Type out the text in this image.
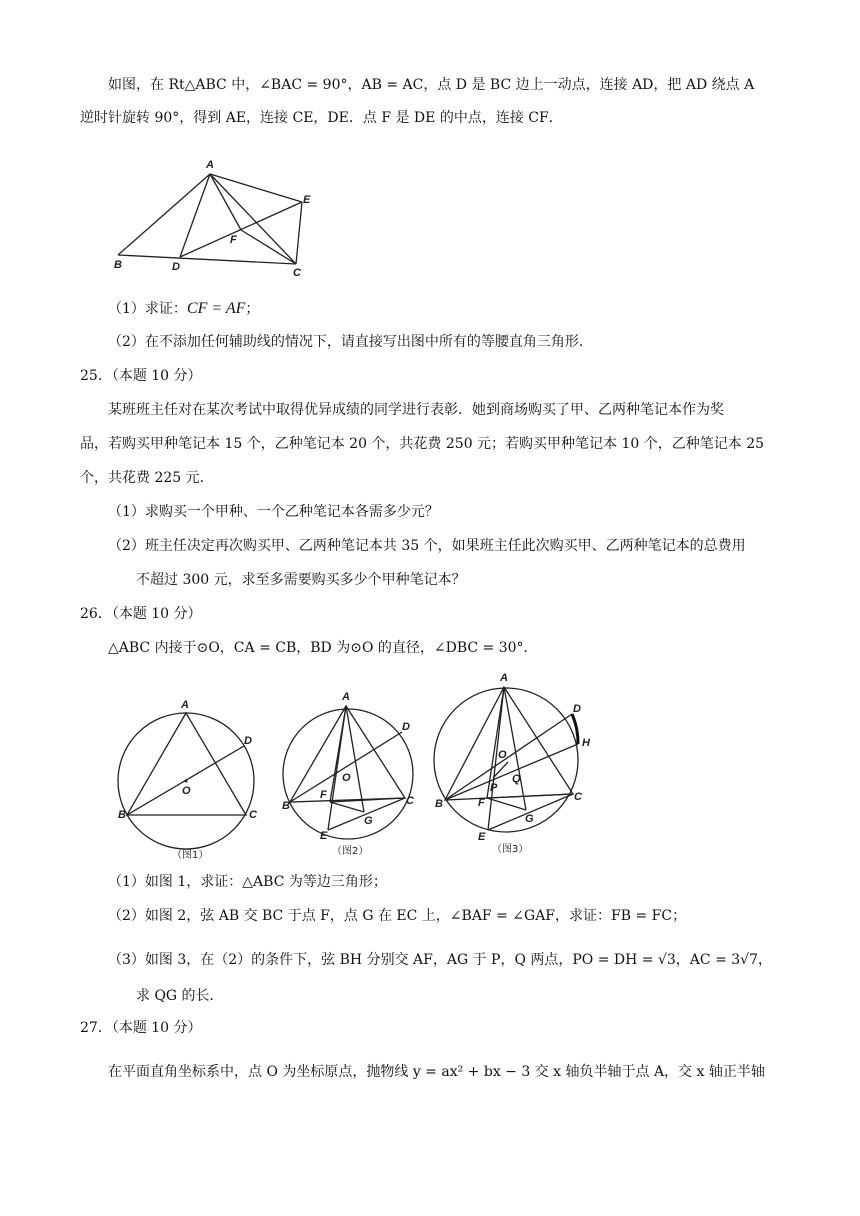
如图，在 Rt△ABC 中，∠BAC = 90°，AB = AC，点 D 是 BC 边上一动点，连接 AD，把 AD 绕点 A
逆时针旋转 90°，得到 AE，连接 CE，DE．点 F 是 DE 的中点，连接 CF．
A
B	D	C
E
F
（1）求证：CF = AF；
（2）在不添加任何辅助线的情况下，请直接写出图中所有的等腰直角三角形．
25．（本题 10 分）
某班班主任对在某次考试中取得优异成绩的同学进行表彰．她到商场购买了甲、乙两种笔记本作为奖
品，若购买甲种笔记本 15 个，乙种笔记本 20 个，共花费 250 元；若购买甲种笔记本 10 个，乙种笔记本 25
个，共花费 225 元．
（1）求购买一个甲种、一个乙种笔记本各需多少元？
（2）班主任决定再次购买甲、乙两种笔记本共 35 个，如果班主任此次购买甲、乙两种笔记本的总费用
不超过 300 元，求至多需要购买多少个甲种笔记本？
26．（本题 10 分）
△ABC 内接于⊙O，CA = CB，BD 为⊙O 的直径，∠DBC = 30°．
A
B	C
D
O
（图1）
A
B	C
D
O
F
G
E
（图2）
A
B
C
D
H
O
P
Q
F
G
E
（图3）
（1）如图 1，求证：△ABC 为等边三角形；
（2）如图 2，弦 AB 交 BC 于点 F，点 G 在 EC 上，∠BAF = ∠GAF，求证：FB = FC；
（3）如图 3，在（2）的条件下，弦 BH 分别交 AF，AG 于 P，Q 两点，PO = DH = √3，AC = 3√7，
求 QG 的长．
27．（本题 10 分）
在平面直角坐标系中，点 O 为坐标原点，抛物线 y = ax² + bx − 3 交 x 轴负半轴于点 A，交 x 轴正半轴
